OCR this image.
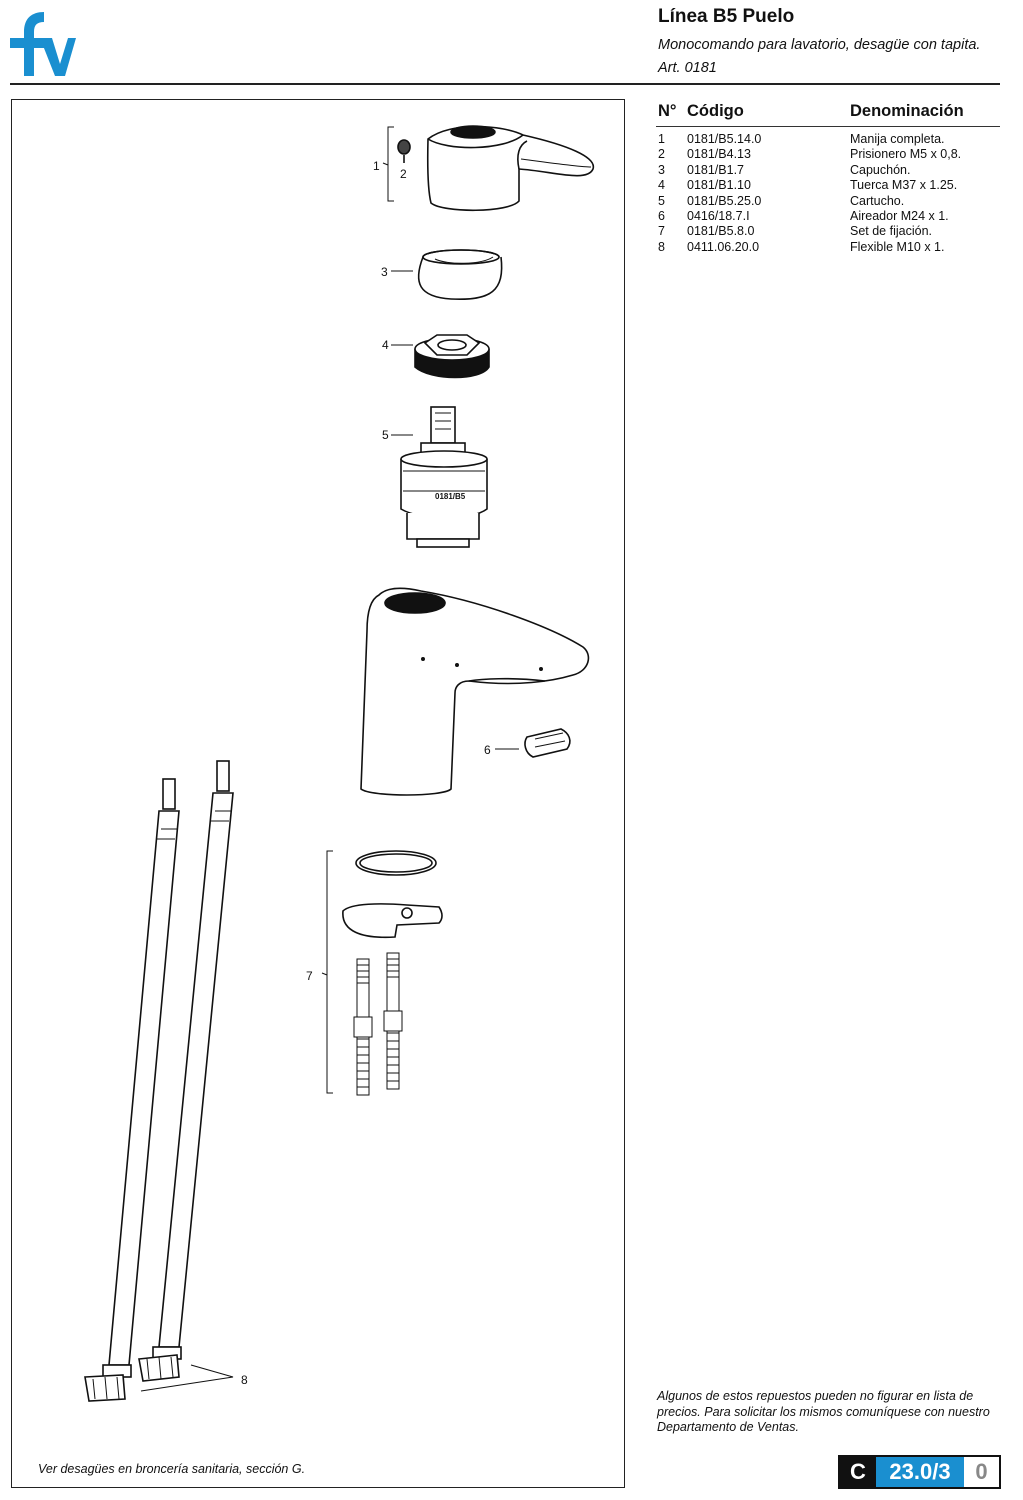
Línea B5 Puelo
Monocomando para lavatorio, desagüe con tapita.
Art. 0181
1
2
3
4
5
6
7
8
0181/B5
N° Código	Denominación
1 0181/B5.14.0	Manija completa.
2 0181/B4.13	Prisionero M5 x 0,8.
3 0181/B1.7	Capuchón.
4 0181/B1.10	Tuerca M37 x 1.25.
5 0181/B5.25.0	Cartucho.
6 0416/18.7.I	Aireador M24 x 1.
7 0181/B5.8.0	Set de fijación.
8 0411.06.20.0	Flexible M10 x 1.
Algunos de estos repuestos pueden no figurar en lista de precios. Para solicitar los mismos comuníquese con nuestro Departamento de Ventas.
Ver desagües en broncería sanitaria, sección G.	C	23.0/3	0
